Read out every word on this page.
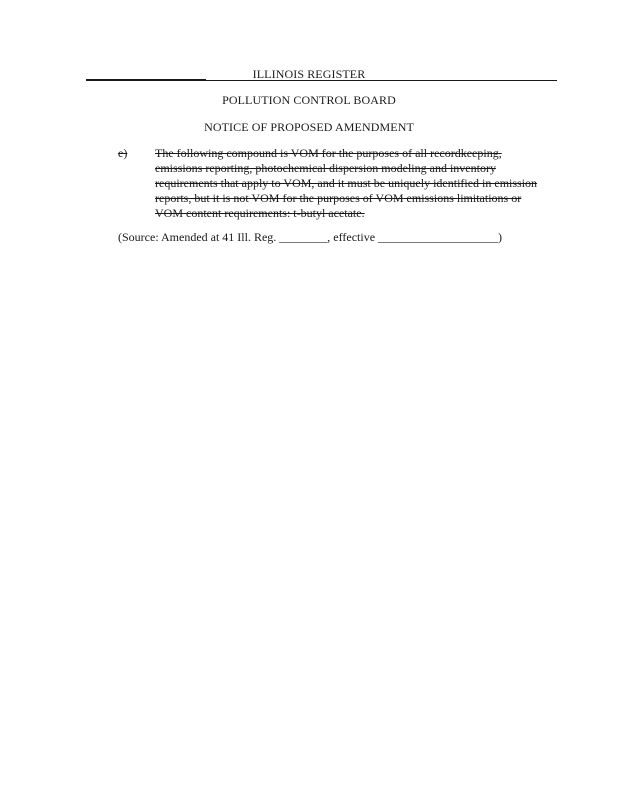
ILLINOIS REGISTER
POLLUTION CONTROL BOARD
NOTICE OF PROPOSED AMENDMENT
e) The following compound is VOM for the purposes of all recordkeeping,
emissions reporting, photochemical dispersion modeling and inventory
requirements that apply to VOM, and it must be uniquely identified in emission
reports, but it is not VOM for the purposes of VOM emissions limitations or
VOM content requirements: t-butyl acetate.
(Source: Amended at 41 Ill. Reg. ________, effective ____________________)
